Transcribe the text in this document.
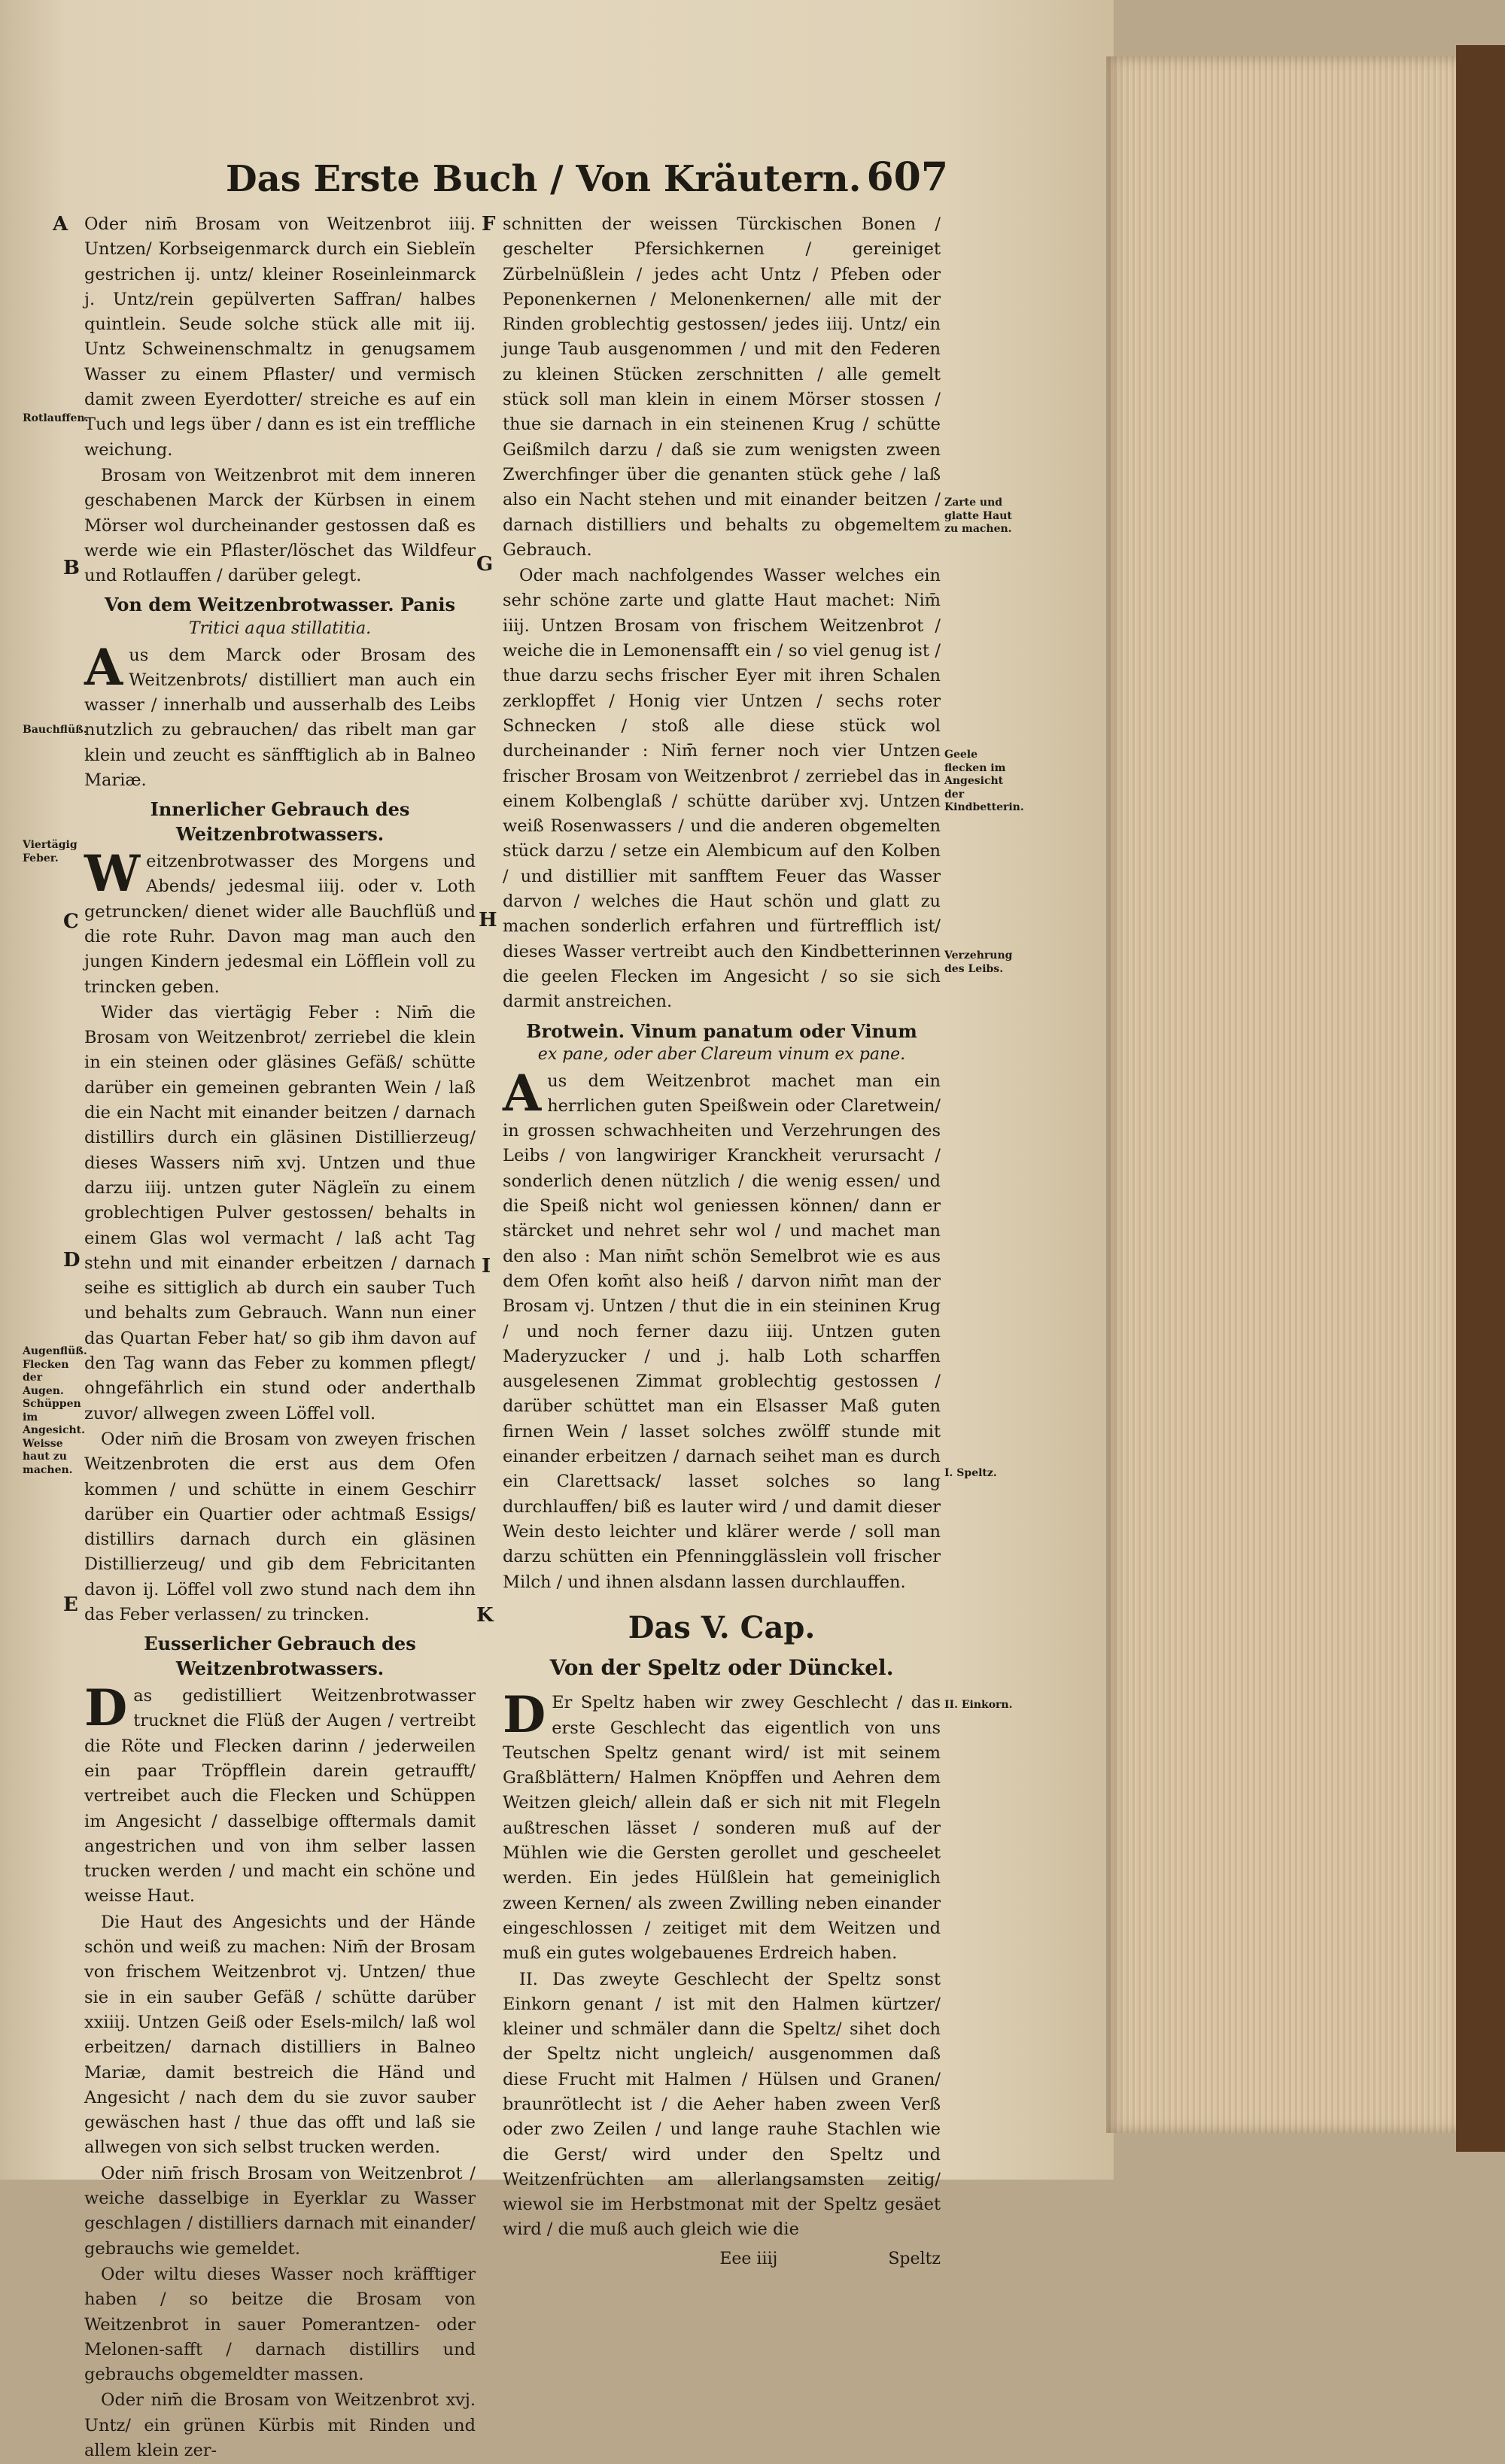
Das Erste Buch / Von Kräutern. 607
A
B
C
D
E
F
G
H
I
K
Rotlauffen.
Bauchflüß.
Viertägig Feber.
Augenflüß. Flecken der Augen. Schüppen im Angesicht. Weisse haut zu machen.
Zarte und glatte Haut zu machen.
Geele flecken im Angesicht der Kindbetterin.
Verzehrung des Leibs.
I. Speltz.
II. Einkorn.

Oder nim̄ Brosam von Weitzenbrot iiij. Untzen/ Korbseigenmarck durch ein Siebleïn gestrichen ij. untz/ kleiner Roseinleinmarck j. Untz/rein gepülverten Saffran/ halbes quintlein. Seude solche stück alle mit iij. Untz Schweinenschmaltz in genugsamem Wasser zu einem Pflaster/ und vermisch damit zween Eyerdotter/ streiche es auf ein Tuch und legs über / dann es ist ein treffliche weichung.

Brosam von Weitzenbrot mit dem inneren geschabenen Marck der Kürbsen in einem Mörser wol durcheinander gestossen daß es werde wie ein Pflaster/löschet das Wildfeur und Rotlauffen / darüber gelegt.

Von dem Weitzenbrotwasser. Panis
Tritici aqua stillatitia.

Aus dem Marck oder Brosam des Weitzenbrots/ distilliert man auch ein wasser / innerhalb und ausserhalb des Leibs nutzlich zu gebrauchen/ das ribelt man gar klein und zeucht es sänfftiglich ab in Balneo Mariæ.

Innerlicher Gebrauch des Weitzenbrotwassers.

Weitzenbrotwasser des Morgens und Abends/ jedesmal iiij. oder v. Loth getruncken/ dienet wider alle Bauchflüß und die rote Ruhr. Davon mag man auch den jungen Kindern jedesmal ein Löfflein voll zu trincken geben.

Wider das viertägig Feber : Nim̄ die Brosam von Weitzenbrot/ zerriebel die klein in ein steinen oder gläsines Gefäß/ schütte darüber ein gemeinen gebranten Wein / laß die ein Nacht mit einander beitzen / darnach distillirs durch ein gläsinen Distillierzeug/ dieses Wassers nim̄ xvj. Untzen und thue darzu iiij. untzen guter Nägleïn zu einem groblechtigen Pulver gestossen/ behalts in einem Glas wol vermacht / laß acht Tag stehn und mit einander erbeitzen / darnach seihe es sittiglich ab durch ein sauber Tuch und behalts zum Gebrauch. Wann nun einer das Quartan Feber hat/ so gib ihm davon auf den Tag wann das Feber zu kommen pflegt/ ohngefährlich ein stund oder anderthalb zuvor/ allwegen zween Löffel voll.

Oder nim̄ die Brosam von zweyen frischen Weitzenbroten die erst aus dem Ofen kommen / und schütte in einem Geschirr darüber ein Quartier oder achtmaß Essigs/ distillirs darnach durch ein gläsinen Distillierzeug/ und gib dem Febricitanten davon ij. Löffel voll zwo stund nach dem ihn das Feber verlassen/ zu trincken.

Eusserlicher Gebrauch des Weitzenbrotwassers.

Das gedistilliert Weitzenbrotwasser trucknet die Flüß der Augen / vertreibt die Röte und Flecken darinn / jederweilen ein paar Tröpfflein darein getraufft/ vertreibet auch die Flecken und Schüppen im Angesicht / dasselbige offtermals damit angestrichen und von ihm selber lassen trucken werden / und macht ein schöne und weisse Haut.

Die Haut des Angesichts und der Hände schön und weiß zu machen: Nim̄ der Brosam von frischem Weitzenbrot vj. Untzen/ thue sie in ein sauber Gefäß / schütte darüber xxiiij. Untzen Geiß oder Esels-milch/ laß wol erbeitzen/ darnach distilliers in Balneo Mariæ, damit bestreich die Händ und Angesicht / nach dem du sie zuvor sauber gewäschen hast / thue das offt und laß sie allwegen von sich selbst trucken werden.

Oder nim̄ frisch Brosam von Weitzenbrot / weiche dasselbige in Eyerklar zu Wasser geschlagen / distilliers darnach mit einander/ gebrauchs wie gemeldet.

Oder wiltu dieses Wasser noch kräfftiger haben / so beitze die Brosam von Weitzenbrot in sauer Pomerantzen- oder Melonen-safft / darnach distillirs und gebrauchs obgemeldter massen.

Oder nim̄ die Brosam von Weitzenbrot xvj. Untz/ ein grünen Kürbis mit Rinden und allem klein zer-

schnitten der weissen Türckischen Bonen / geschelter Pfersichkernen / gereiniget Zürbelnüßlein / jedes acht Untz / Pfeben oder Peponenkernen / Melonenkernen/ alle mit der Rinden groblechtig gestossen/ jedes iiij. Untz/ ein junge Taub ausgenommen / und mit den Federen zu kleinen Stücken zerschnitten / alle gemelt stück soll man klein in einem Mörser stossen / thue sie darnach in ein steinenen Krug / schütte Geißmilch darzu / daß sie zum wenigsten zween Zwerchfinger über die genanten stück gehe / laß also ein Nacht stehen und mit einander beitzen / darnach distilliers und behalts zu obgemeltem Gebrauch.

Oder mach nachfolgendes Wasser welches ein sehr schöne zarte und glatte Haut machet: Nim̄ iiij. Untzen Brosam von frischem Weitzenbrot / weiche die in Lemonensafft ein / so viel genug ist / thue darzu sechs frischer Eyer mit ihren Schalen zerklopffet / Honig vier Untzen / sechs roter Schnecken / stoß alle diese stück wol durcheinander : Nim̄ ferner noch vier Untzen frischer Brosam von Weitzenbrot / zerriebel das in einem Kolbenglaß / schütte darüber xvj. Untzen weiß Rosenwassers / und die anderen obgemelten stück darzu / setze ein Alembicum auf den Kolben / und distillier mit sanfftem Feuer das Wasser darvon / welches die Haut schön und glatt zu machen sonderlich erfahren und fürtrefflich ist/ dieses Wasser vertreibt auch den Kindbetterinnen die geelen Flecken im Angesicht / so sie sich darmit anstreichen.

Brotwein. Vinum panatum oder Vinum
ex pane, oder aber Clareum vinum ex pane.

Aus dem Weitzenbrot machet man ein herrlichen guten Speißwein oder Claretwein/ in grossen schwachheiten und Verzehrungen des Leibs / von langwiriger Kranckheit verursacht / sonderlich denen nützlich / die wenig essen/ und die Speiß nicht wol geniessen können/ dann er stärcket und nehret sehr wol / und machet man den also : Man nim̄t schön Semelbrot wie es aus dem Ofen kom̄t also heiß / darvon nim̄t man der Brosam vj. Untzen / thut die in ein steininen Krug / und noch ferner dazu iiij. Untzen guten Maderyzucker / und j. halb Loth scharffen ausgelesenen Zimmat groblechtig gestossen / darüber schüttet man ein Elsasser Maß guten firnen Wein / lasset solches zwölff stunde mit einander erbeitzen / darnach seihet man es durch ein Clarettsack/ lasset solches so lang durchlauffen/ biß es lauter wird / und damit dieser Wein desto leichter und klärer werde / soll man darzu schütten ein Pfenningglässlein voll frischer Milch / und ihnen alsdann lassen durchlauffen.

Das V. Cap.
Von der Speltz oder Dünckel.

D Er Speltz haben wir zwey Geschlecht / das erste Geschlecht das eigentlich von uns Teutschen Speltz genant wird/ ist mit seinem Graßblättern/ Halmen Knöpffen und Aehren dem Weitzen gleich/ allein daß er sich nit mit Flegeln außtreschen lässet / sonderen muß auf der Mühlen wie die Gersten gerollet und gescheelet werden. Ein jedes Hülßlein hat gemeiniglich zween Kernen/ als zween Zwilling neben einander eingeschlossen / zeitiget mit dem Weitzen und muß ein gutes wolgebauenes Erdreich haben.

II. Das zweyte Geschlecht der Speltz sonst Einkorn genant / ist mit den Halmen kürtzer/ kleiner und schmäler dann die Speltz/ sihet doch der Speltz nicht ungleich/ ausgenommen daß diese Frucht mit Halmen / Hülsen und Granen/ braunrötlecht ist / die Aeher haben zween Verß oder zwo Zeilen / und lange rauhe Stachlen wie die Gerst/ wird under den Speltz und Weitzenfrüchten am allerlangsamsten zeitig/ wiewol sie im Herbstmonat mit der Speltz gesäet wird / die muß auch gleich wie die

Eee iiij	Speltz
